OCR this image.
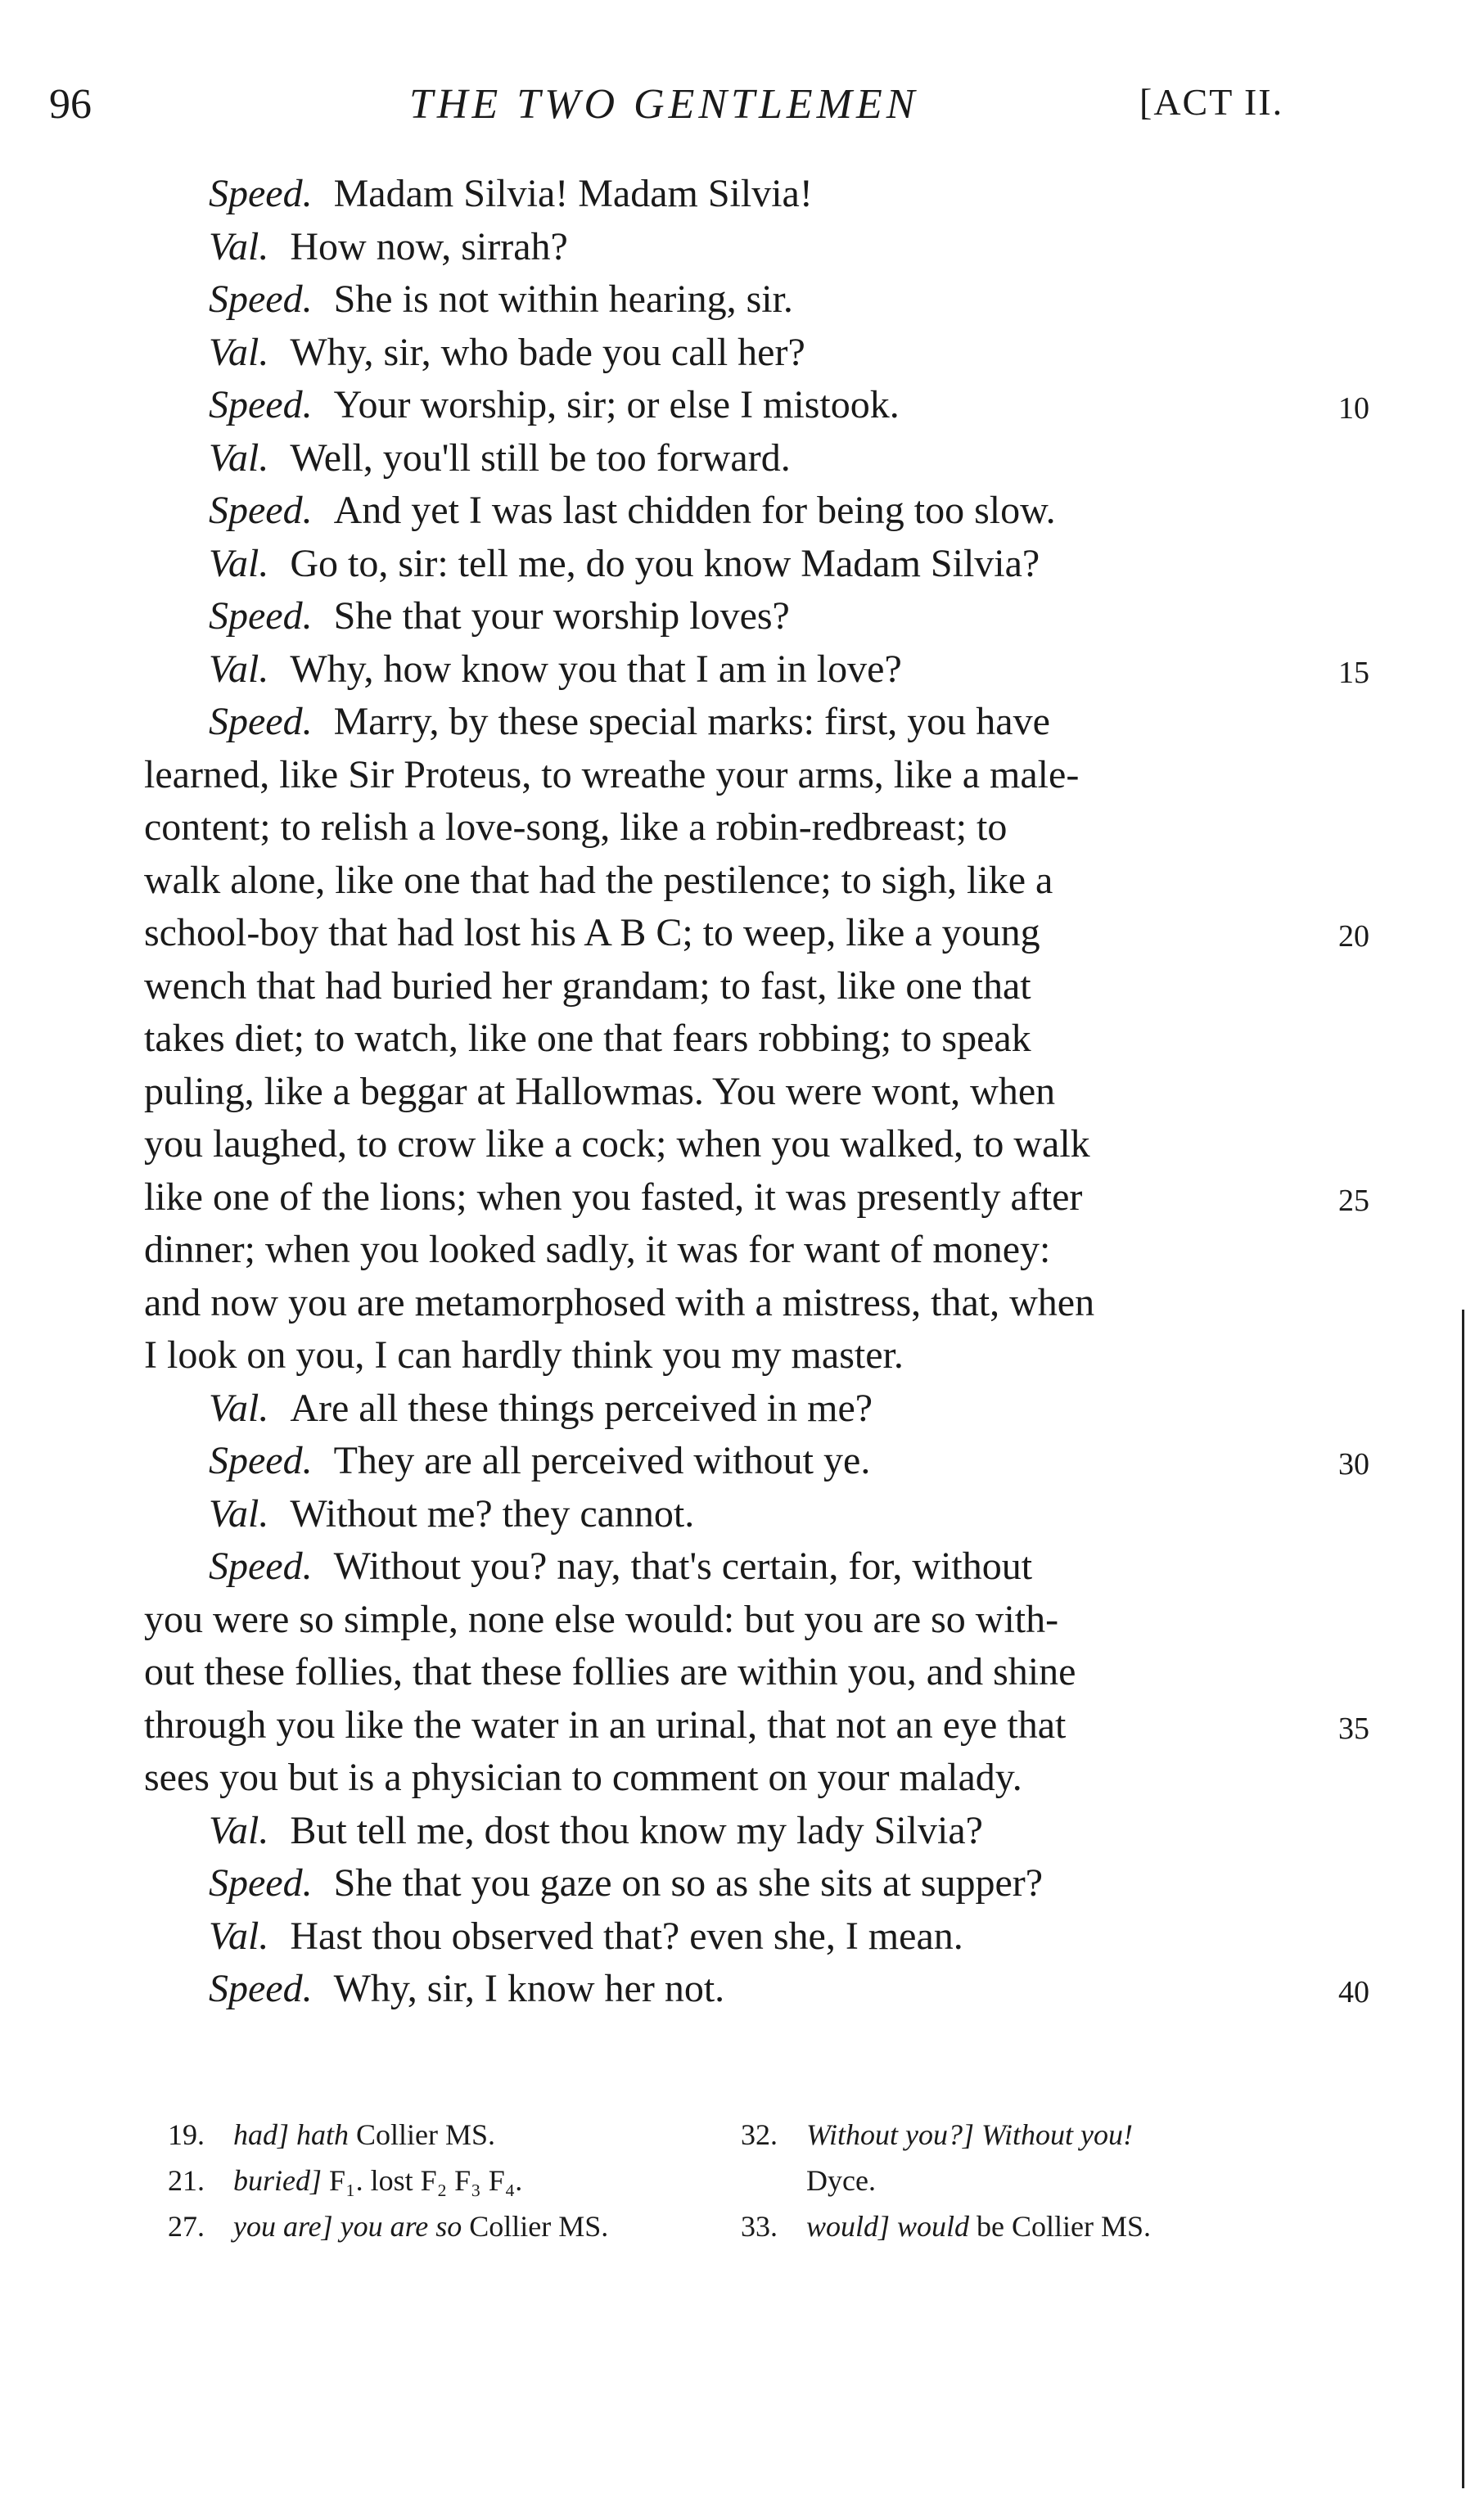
96	THE TWO GENTLEMEN	[ACT II.
Speed. Madam Silvia! Madam Silvia!
Val. How now, sirrah?
Speed. She is not within hearing, sir.
Val. Why, sir, who bade you call her?
Speed. Your worship, sir; or else I mistook.	10
Val. Well, you'll still be too forward.
Speed. And yet I was last chidden for being too slow.
Val. Go to, sir: tell me, do you know Madam Silvia?
Speed. She that your worship loves?
Val. Why, how know you that I am in love?	15
Speed. Marry, by these special marks: first, you have
learned, like Sir Proteus, to wreathe your arms, like a male-
content; to relish a love-song, like a robin-redbreast; to
walk alone, like one that had the pestilence; to sigh, like a
school-boy that had lost his A B C; to weep, like a young	20
wench that had buried her grandam; to fast, like one that
takes diet; to watch, like one that fears robbing; to speak
puling, like a beggar at Hallowmas. You were wont, when
you laughed, to crow like a cock; when you walked, to walk
like one of the lions; when you fasted, it was presently after	25
dinner; when you looked sadly, it was for want of money:
and now you are metamorphosed with a mistress, that, when
I look on you, I can hardly think you my master.
Val. Are all these things perceived in me?
Speed. They are all perceived without ye.	30
Val. Without me? they cannot.
Speed. Without you? nay, that's certain, for, without
you were so simple, none else would: but you are so with-
out these follies, that these follies are within you, and shine
through you like the water in an urinal, that not an eye that	35
sees you but is a physician to comment on your malady.
Val. But tell me, dost thou know my lady Silvia?
Speed. She that you gaze on so as she sits at supper?
Val. Hast thou observed that? even she, I mean.
Speed. Why, sir, I know her not.	40
19. had] hath Collier MS.
21. buried] F₁. lost F₂ F₃ F₄.
27. you are] you are so Collier MS.
32. Without you?] Without you!
Dyce.
33. would] would be Collier MS.
